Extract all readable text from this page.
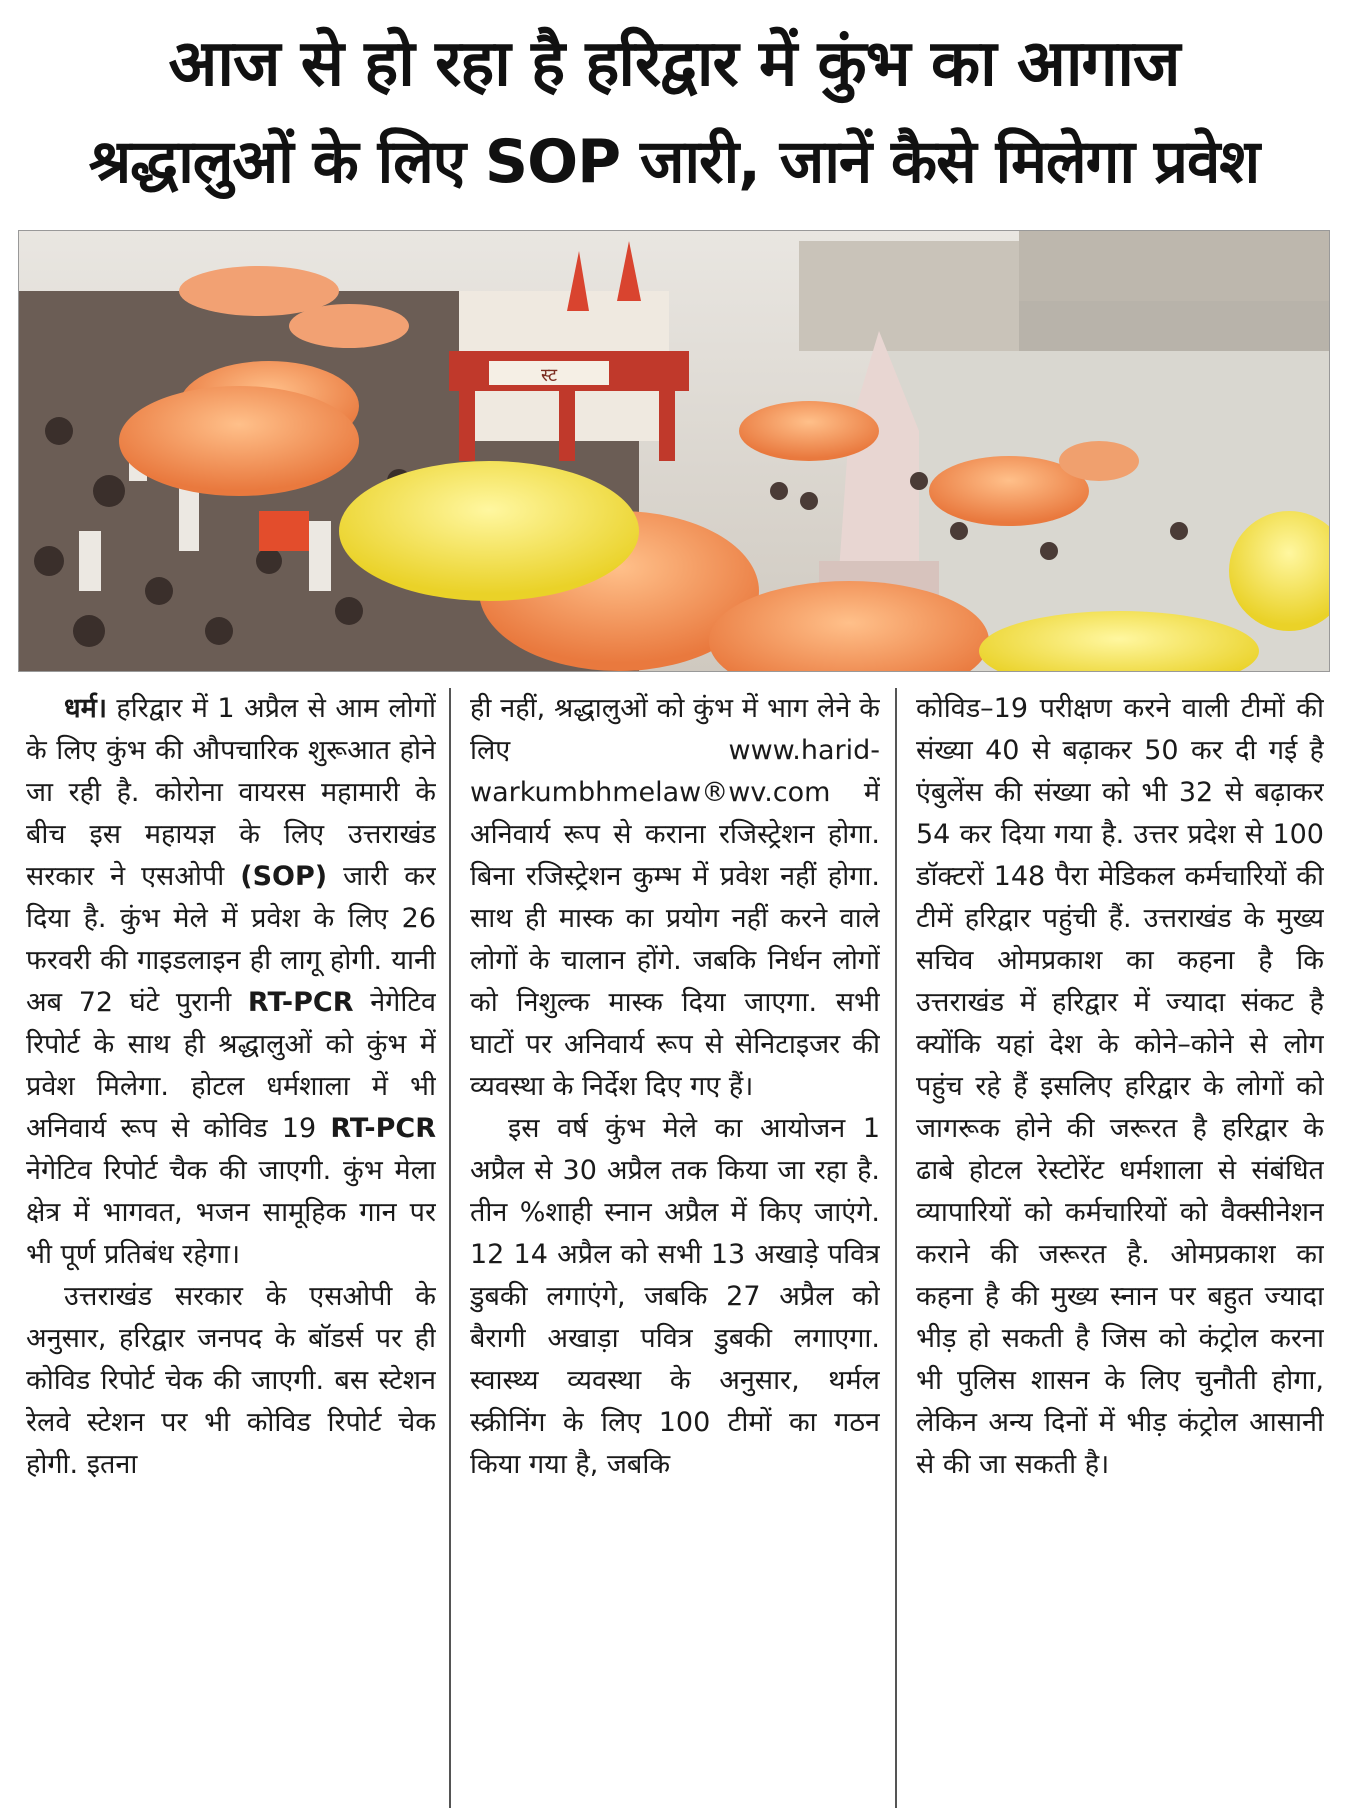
आज से हो रहा है हरिद्वार में कुंभ का आगाज
श्रद्धालुओं के लिए SOP जारी, जानें कैसे मिलेगा प्रवेश
स्ट

धर्म। हरिद्वार में 1 अप्रैल से आम लोगों के लिए कुंभ की औपचारिक शुरूआत होने जा रही है. कोरोना वायरस महामारी के बीच इस महायज्ञ के लिए उत्तराखंड सरकार ने एसओपी (SOP) जारी कर दिया है. कुंभ मेले में प्रवेश के लिए 26 फरवरी की गाइडलाइन ही लागू होगी. यानी अब 72 घंटे पुरानी RT-PCR नेगेटिव रिपोर्ट के साथ ही श्रद्धालुओं को कुंभ में प्रवेश मिलेगा. होटल धर्मशाला में भी अनिवार्य रूप से कोविड 19 RT-PCR नेगेटिव रिपोर्ट चैक की जाएगी. कुंभ मेला क्षेत्र में भागवत, भजन सामूहिक गान पर भी पूर्ण प्रतिबंध रहेगा।

उत्तराखंड सरकार के एसओपी के अनुसार, हरिद्वार जनपद के बॉडर्स पर ही कोविड रिपोर्ट चेक की जाएगी. बस स्टेशन रेलवे स्टेशन पर भी कोविड रिपोर्ट चेक होगी. इतना

ही नहीं, श्रद्धालुओं को कुंभ में भाग लेने के लिए www.harid-warkumbhmelaw®wv.com में अनिवार्य रूप से कराना रजिस्ट्रेशन होगा. बिना रजिस्ट्रेशन कुम्भ में प्रवेश नहीं होगा. साथ ही मास्क का प्रयोग नहीं करने वाले लोगों के चालान होंगे. जबकि निर्धन लोगों को निशुल्क मास्क दिया जाएगा. सभी घाटों पर अनिवार्य रूप से सेनिटाइजर की व्यवस्था के निर्देश दिए गए हैं।

इस वर्ष कुंभ मेले का आयोजन 1 अप्रैल से 30 अप्रैल तक किया जा रहा है. तीन %शाही स्नान अप्रैल में किए जाएंगे. 12 14 अप्रैल को सभी 13 अखाड़े पवित्र डुबकी लगाएंगे, जबकि 27 अप्रैल को बैरागी अखाड़ा पवित्र डुबकी लगाएगा. स्वास्थ्य व्यवस्था के अनुसार, थर्मल स्क्रीनिंग के लिए 100 टीमों का गठन किया गया है, जबकि

कोविड–19 परीक्षण करने वाली टीमों की संख्या 40 से बढ़ाकर 50 कर दी गई है एंबुलेंस की संख्या को भी 32 से बढ़ाकर 54 कर दिया गया है. उत्तर प्रदेश से 100 डॉक्टरों 148 पैरा मेडिकल कर्मचारियों की टीमें हरिद्वार पहुंची हैं. उत्तराखंड के मुख्य सचिव ओमप्रकाश का कहना है कि उत्तराखंड में हरिद्वार में ज्यादा संकट है क्योंकि यहां देश के कोने–कोने से लोग पहुंच रहे हैं इसलिए हरिद्वार के लोगों को जागरूक होने की जरूरत है हरिद्वार के ढाबे होटल रेस्टोरेंट धर्मशाला से संबंधित व्यापारियों को कर्मचारियों को वैक्सीनेशन कराने की जरूरत है. ओमप्रकाश का कहना है की मुख्य स्नान पर बहुत ज्यादा भीड़ हो सकती है जिस को कंट्रोल करना भी पुलिस शासन के लिए चुनौती होगा, लेकिन अन्य दिनों में भीड़ कंट्रोल आसानी से की जा सकती है।
